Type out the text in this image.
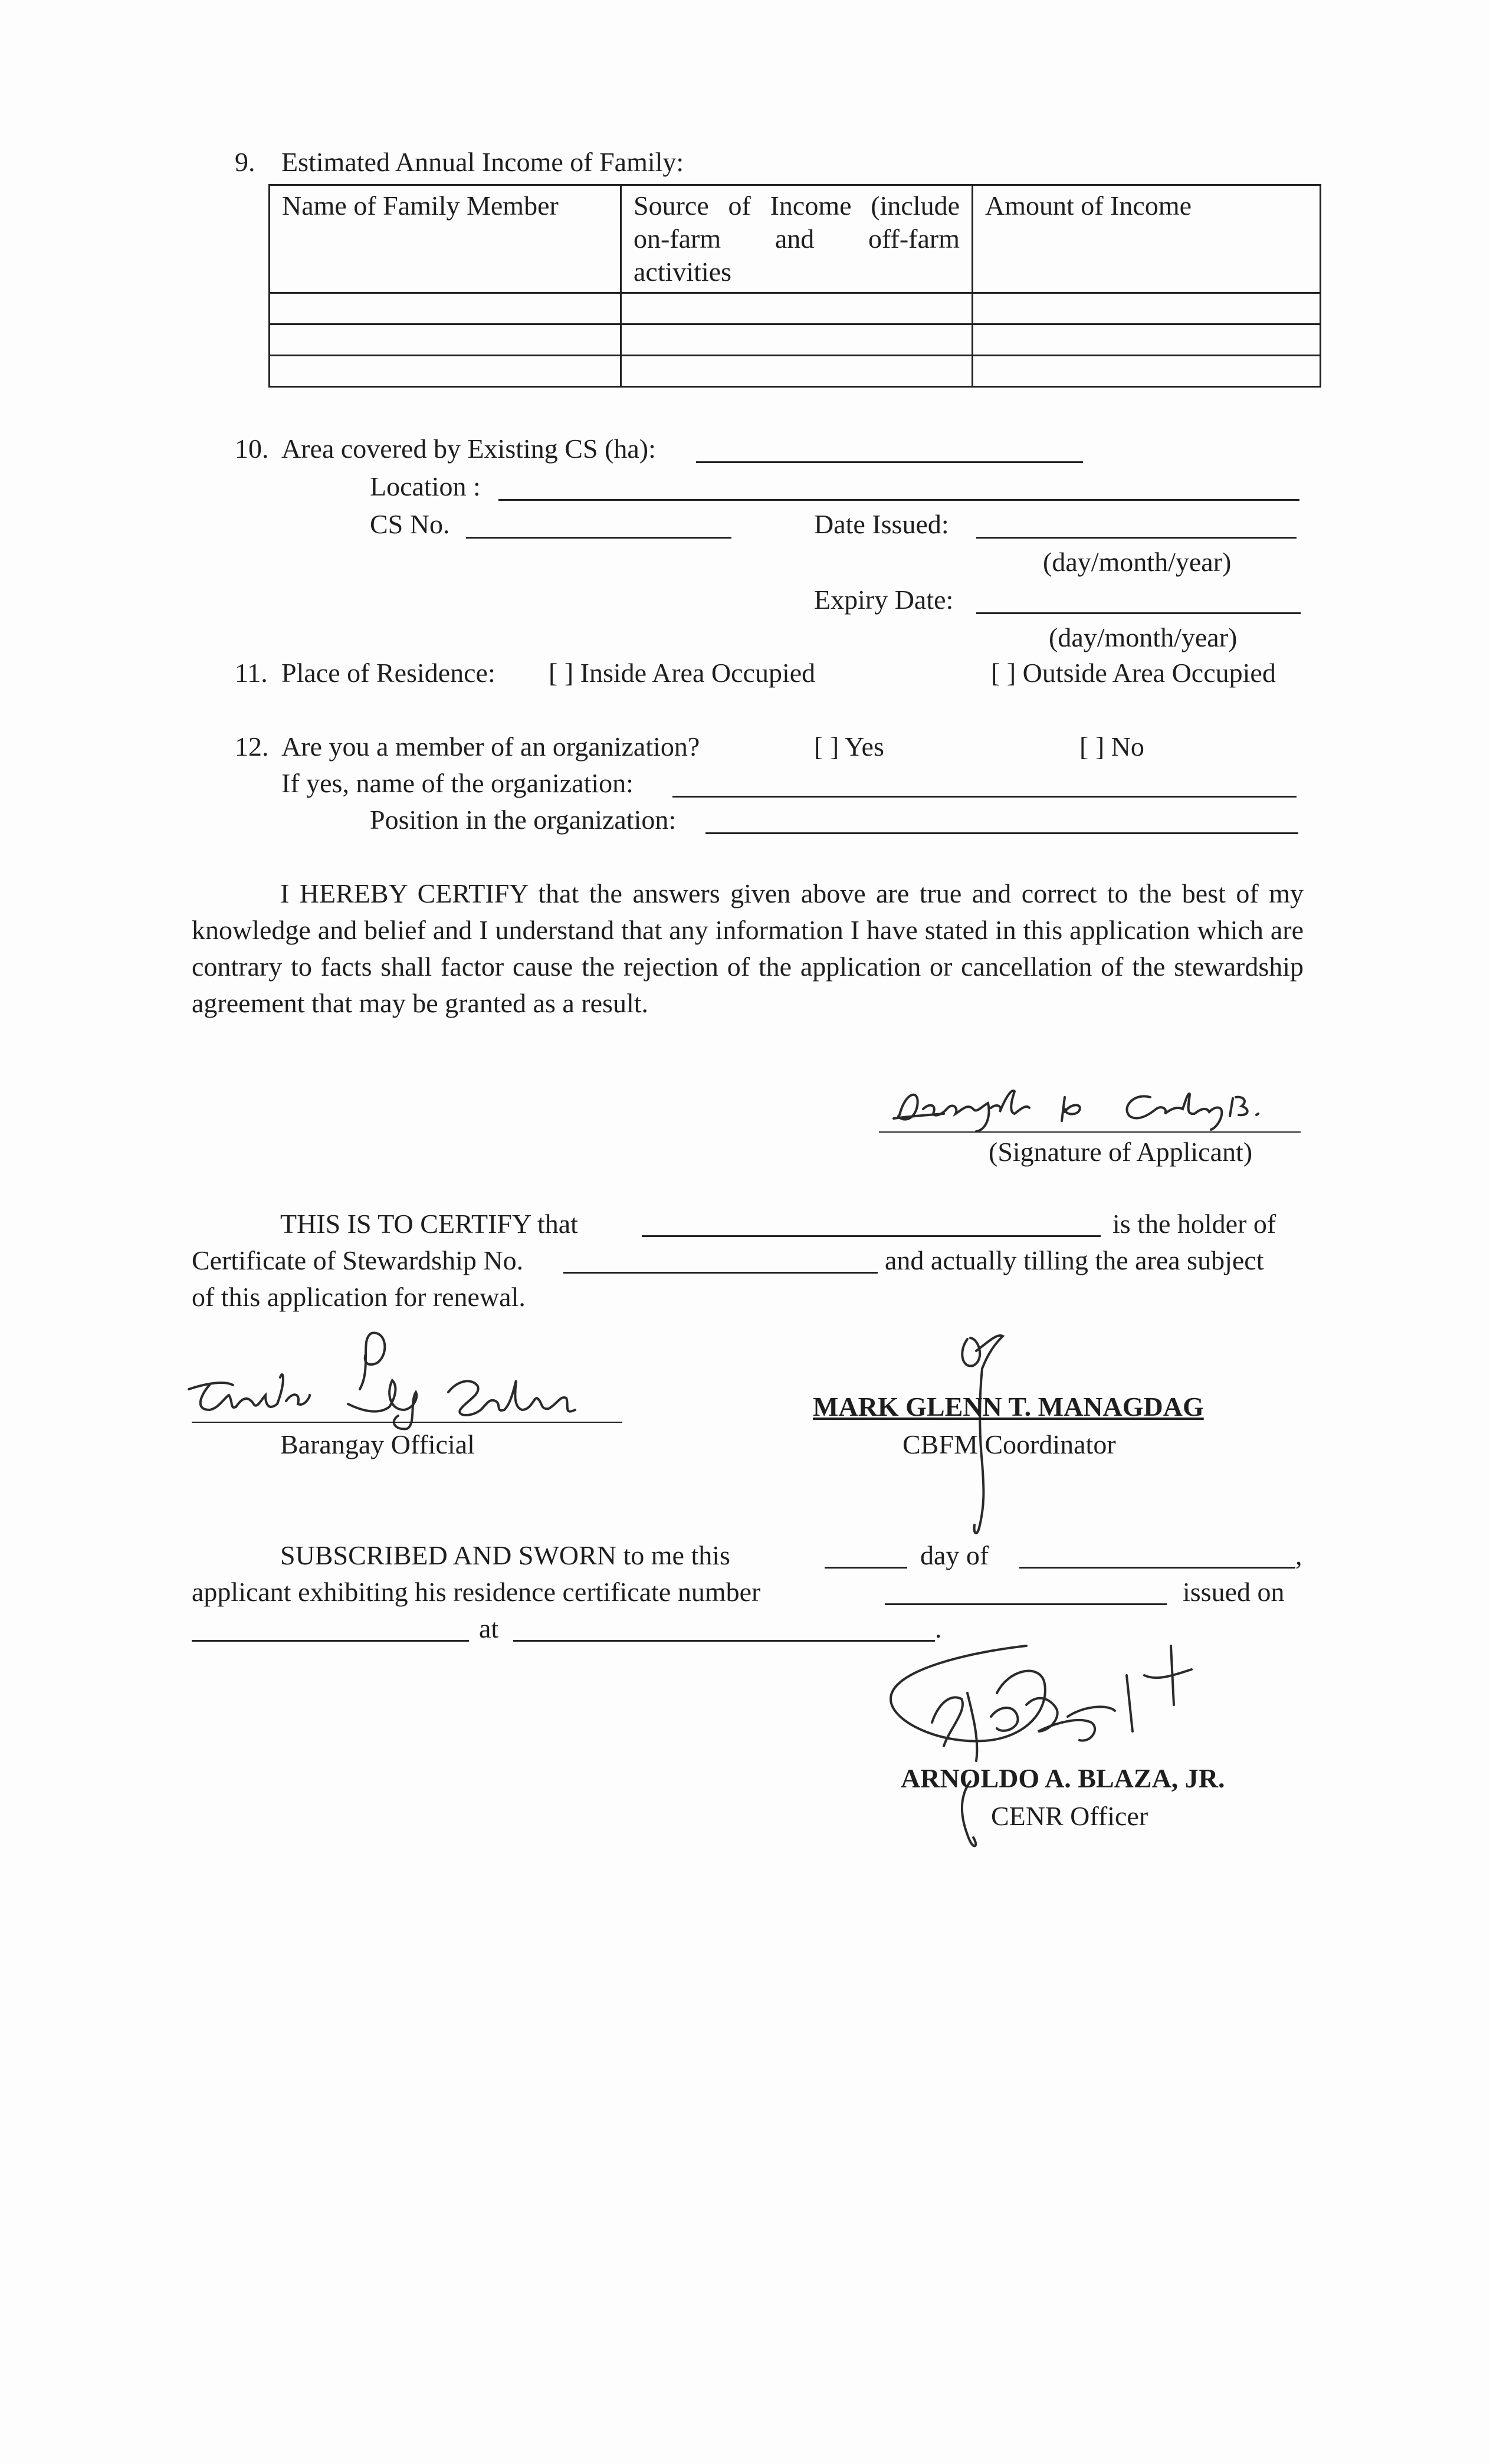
9. Estimated Annual Income of Family:
Name of Family Member	Source of Income (include on-farm and off-farm activities	Amount of Income

10. Area covered by Existing CS (ha):
Location :
CS No.	Date Issued:
(day/month/year)
Expiry Date:
(day/month/year)
11. Place of Residence: [ ] Inside Area Occupied	[ ] Outside Area Occupied
12. Are you a member of an organization?	[ ] Yes	[ ] No
If yes, name of the organization:
Position in the organization:
I HEREBY CERTIFY that the answers given above are true and correct to the best of my knowledge and belief and I understand that any information I have stated in this application which are contrary to facts shall factor cause the rejection of the application or cancellation of the stewardship agreement that may be granted as a result.
(Signature of Applicant)
THIS IS TO CERTIFY that	is the holder of
Certificate of Stewardship No.	and actually tilling the area subject
of this application for renewal.
Barangay Official
MARK GLENN T. MANAGDAG
CBFM Coordinator
SUBSCRIBED AND SWORN to me this	day of	,
applicant exhibiting his residence certificate number	issued on
at	.
ARNOLDO A. BLAZA, JR.
CENR Officer
